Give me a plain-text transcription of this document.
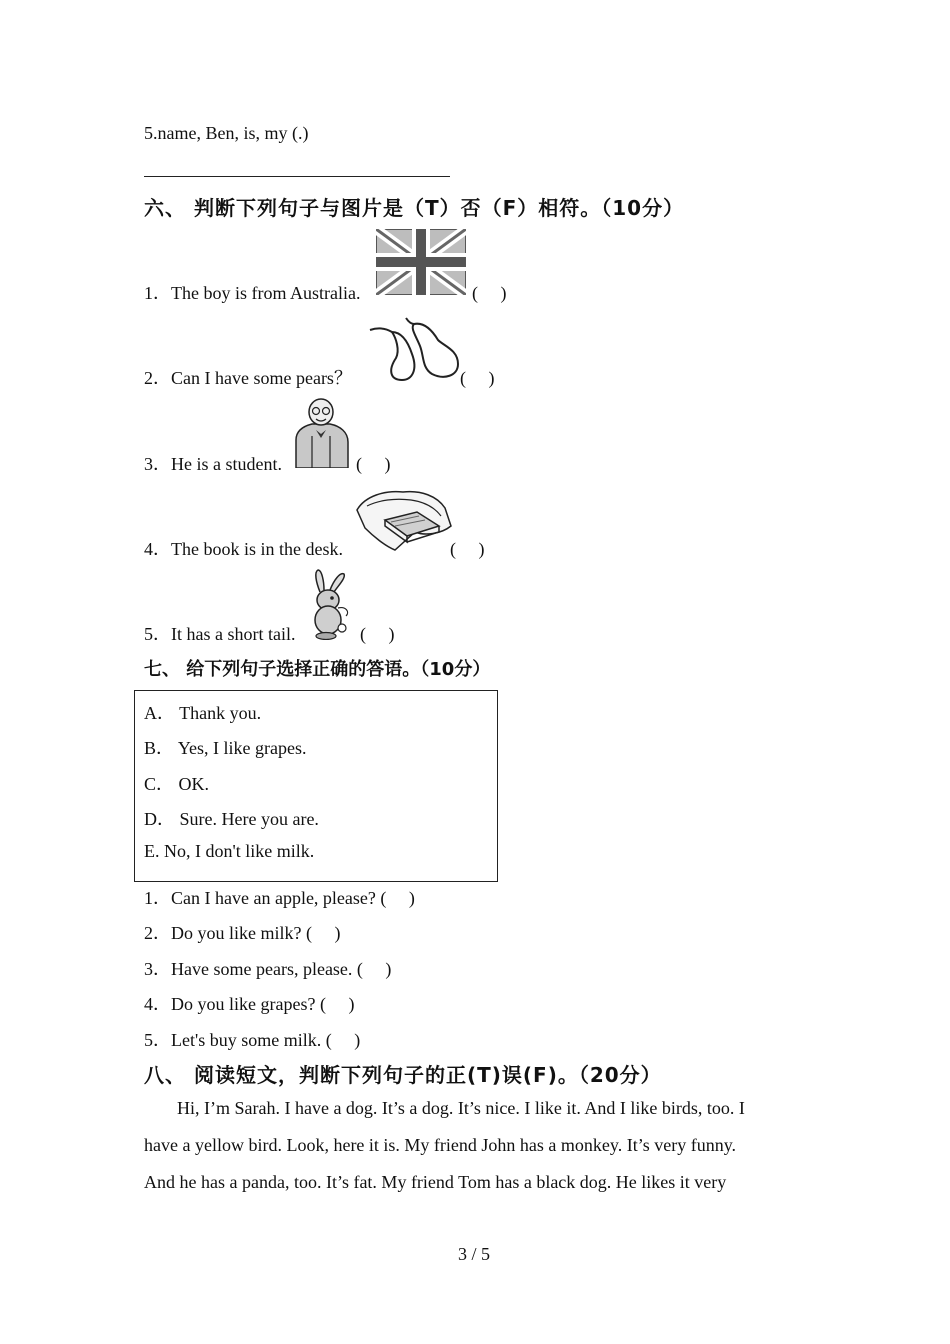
5.name, Ben, is, my (.)
六、 判断下列句子与图片是（T）否（F）相符。（10分）
1．The boy is from Australia.	(　 )
2．Can I have some pears？	(　 )
3．He is a student.	(　 )
4．The book is in the desk.	(　 )
5．It has a short tail.	(　 )
七、 给下列句子选择正确的答语。（10分）
A． Thank you.
B． Yes, I like grapes.
C． OK.
D． Sure. Here you are.
E. No, I don't like milk.
1．Can I have an apple, please? (　 )
2．Do you like milk? (　 )
3．Have some pears, please. (　 )
4．Do you like grapes? (　 )
5．Let's buy some milk. (　 )
八、 阅读短文，判断下列句子的正(T)误(F)。（20分）
Hi, I’m Sarah. I have a dog. It’s a dog. It’s nice. I like it. And I like birds, too. I
have a yellow bird. Look, here it is. My friend John has a monkey. It’s very funny.
And he has a panda, too. It’s fat. My friend Tom has a black dog. He likes it very
3 / 5
